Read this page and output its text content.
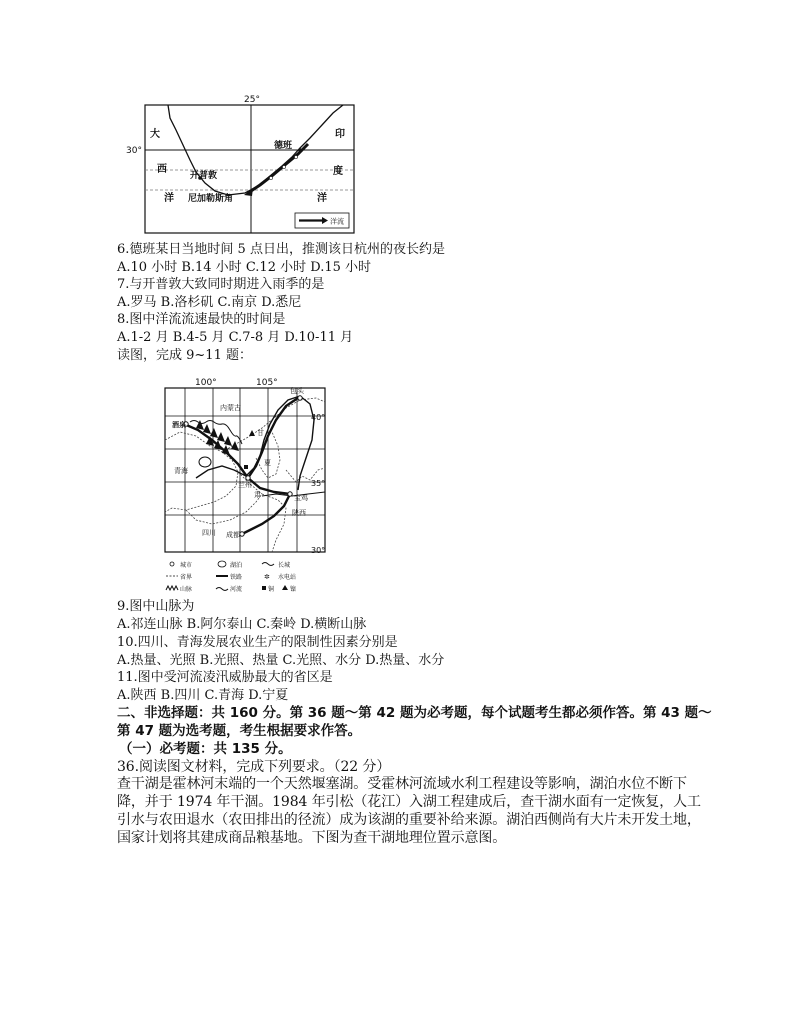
25°
30°
大
西
洋
印
度
洋
德班
开普敦
尼加勒斯角
洋流
6.德班某日当地时间 5 点日出，推测该日杭州的夜长约是
A.10 小时 B.14 小时 C.12 小时 D.15 小时
7.与开普敦大致同时期进入雨季的是
A.罗马 B.洛杉矶 C.南京 D.悉尼
8.图中洋流流速最快的时间是
A.1-2 月 B.4-5 月 C.7-8 月 D.10-11 月
读图，完成 9~11 题：
100°	105°
40°
35°
30°
内蒙古
包头
酒泉
甘
夏
青海
兰州
肃	宝鸡
陕西
四川 成都
城市	湖泊	长城
省界	铁路	✲ 水电站
山脉	河流	铜	镍
9.图中山脉为
A.祁连山脉 B.阿尔泰山 C.秦岭 D.横断山脉
10.四川、青海发展农业生产的限制性因素分别是
A.热量、光照 B.光照、热量 C.光照、水分 D.热量、水分
11.图中受河流凌汛威胁最大的省区是
A.陕西 B.四川 C.青海 D.宁夏
二、非选择题：共 160 分。第 36 题～第 42 题为必考题，每个试题考生都必须作答。第 43 题～
第 47 题为选考题，考生根据要求作答。
（一）必考题：共 135 分。
36.阅读图文材料，完成下列要求。（22 分）
查干湖是霍林河末端的一个天然堰塞湖。受霍林河流域水利工程建设等影响，湖泊水位不断下
降，并于 1974 年干涸。1984 年引松（花江）入湖工程建成后，查干湖水面有一定恢复，人工
引水与农田退水（农田排出的径流）成为该湖的重要补给来源。湖泊西侧尚有大片未开发土地，
国家计划将其建成商品粮基地。下图为查干湖地理位置示意图。
